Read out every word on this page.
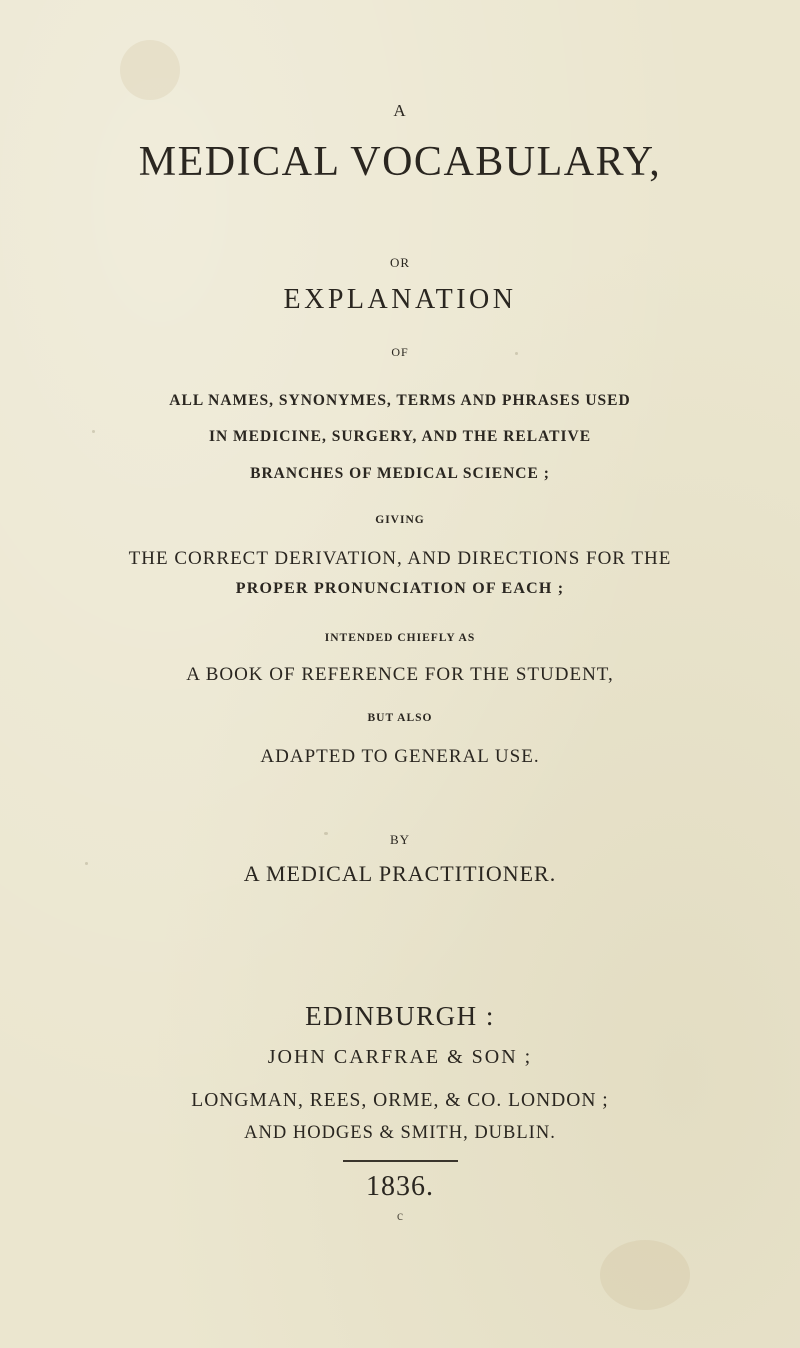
A
MEDICAL VOCABULARY,
OR
EXPLANATION
OF
ALL NAMES, SYNONYMES, TERMS AND PHRASES USED
IN MEDICINE, SURGERY, AND THE RELATIVE
BRANCHES OF MEDICAL SCIENCE ;
GIVING
THE CORRECT DERIVATION, AND DIRECTIONS FOR THE
PROPER PRONUNCIATION OF EACH ;
INTENDED CHIEFLY AS
A BOOK OF REFERENCE FOR THE STUDENT,
BUT ALSO
ADAPTED TO GENERAL USE.
BY
A MEDICAL PRACTITIONER.
EDINBURGH :
JOHN CARFRAE & SON ;
LONGMAN, REES, ORME, & CO. LONDON ;
AND HODGES & SMITH, DUBLIN.
1836.
c
